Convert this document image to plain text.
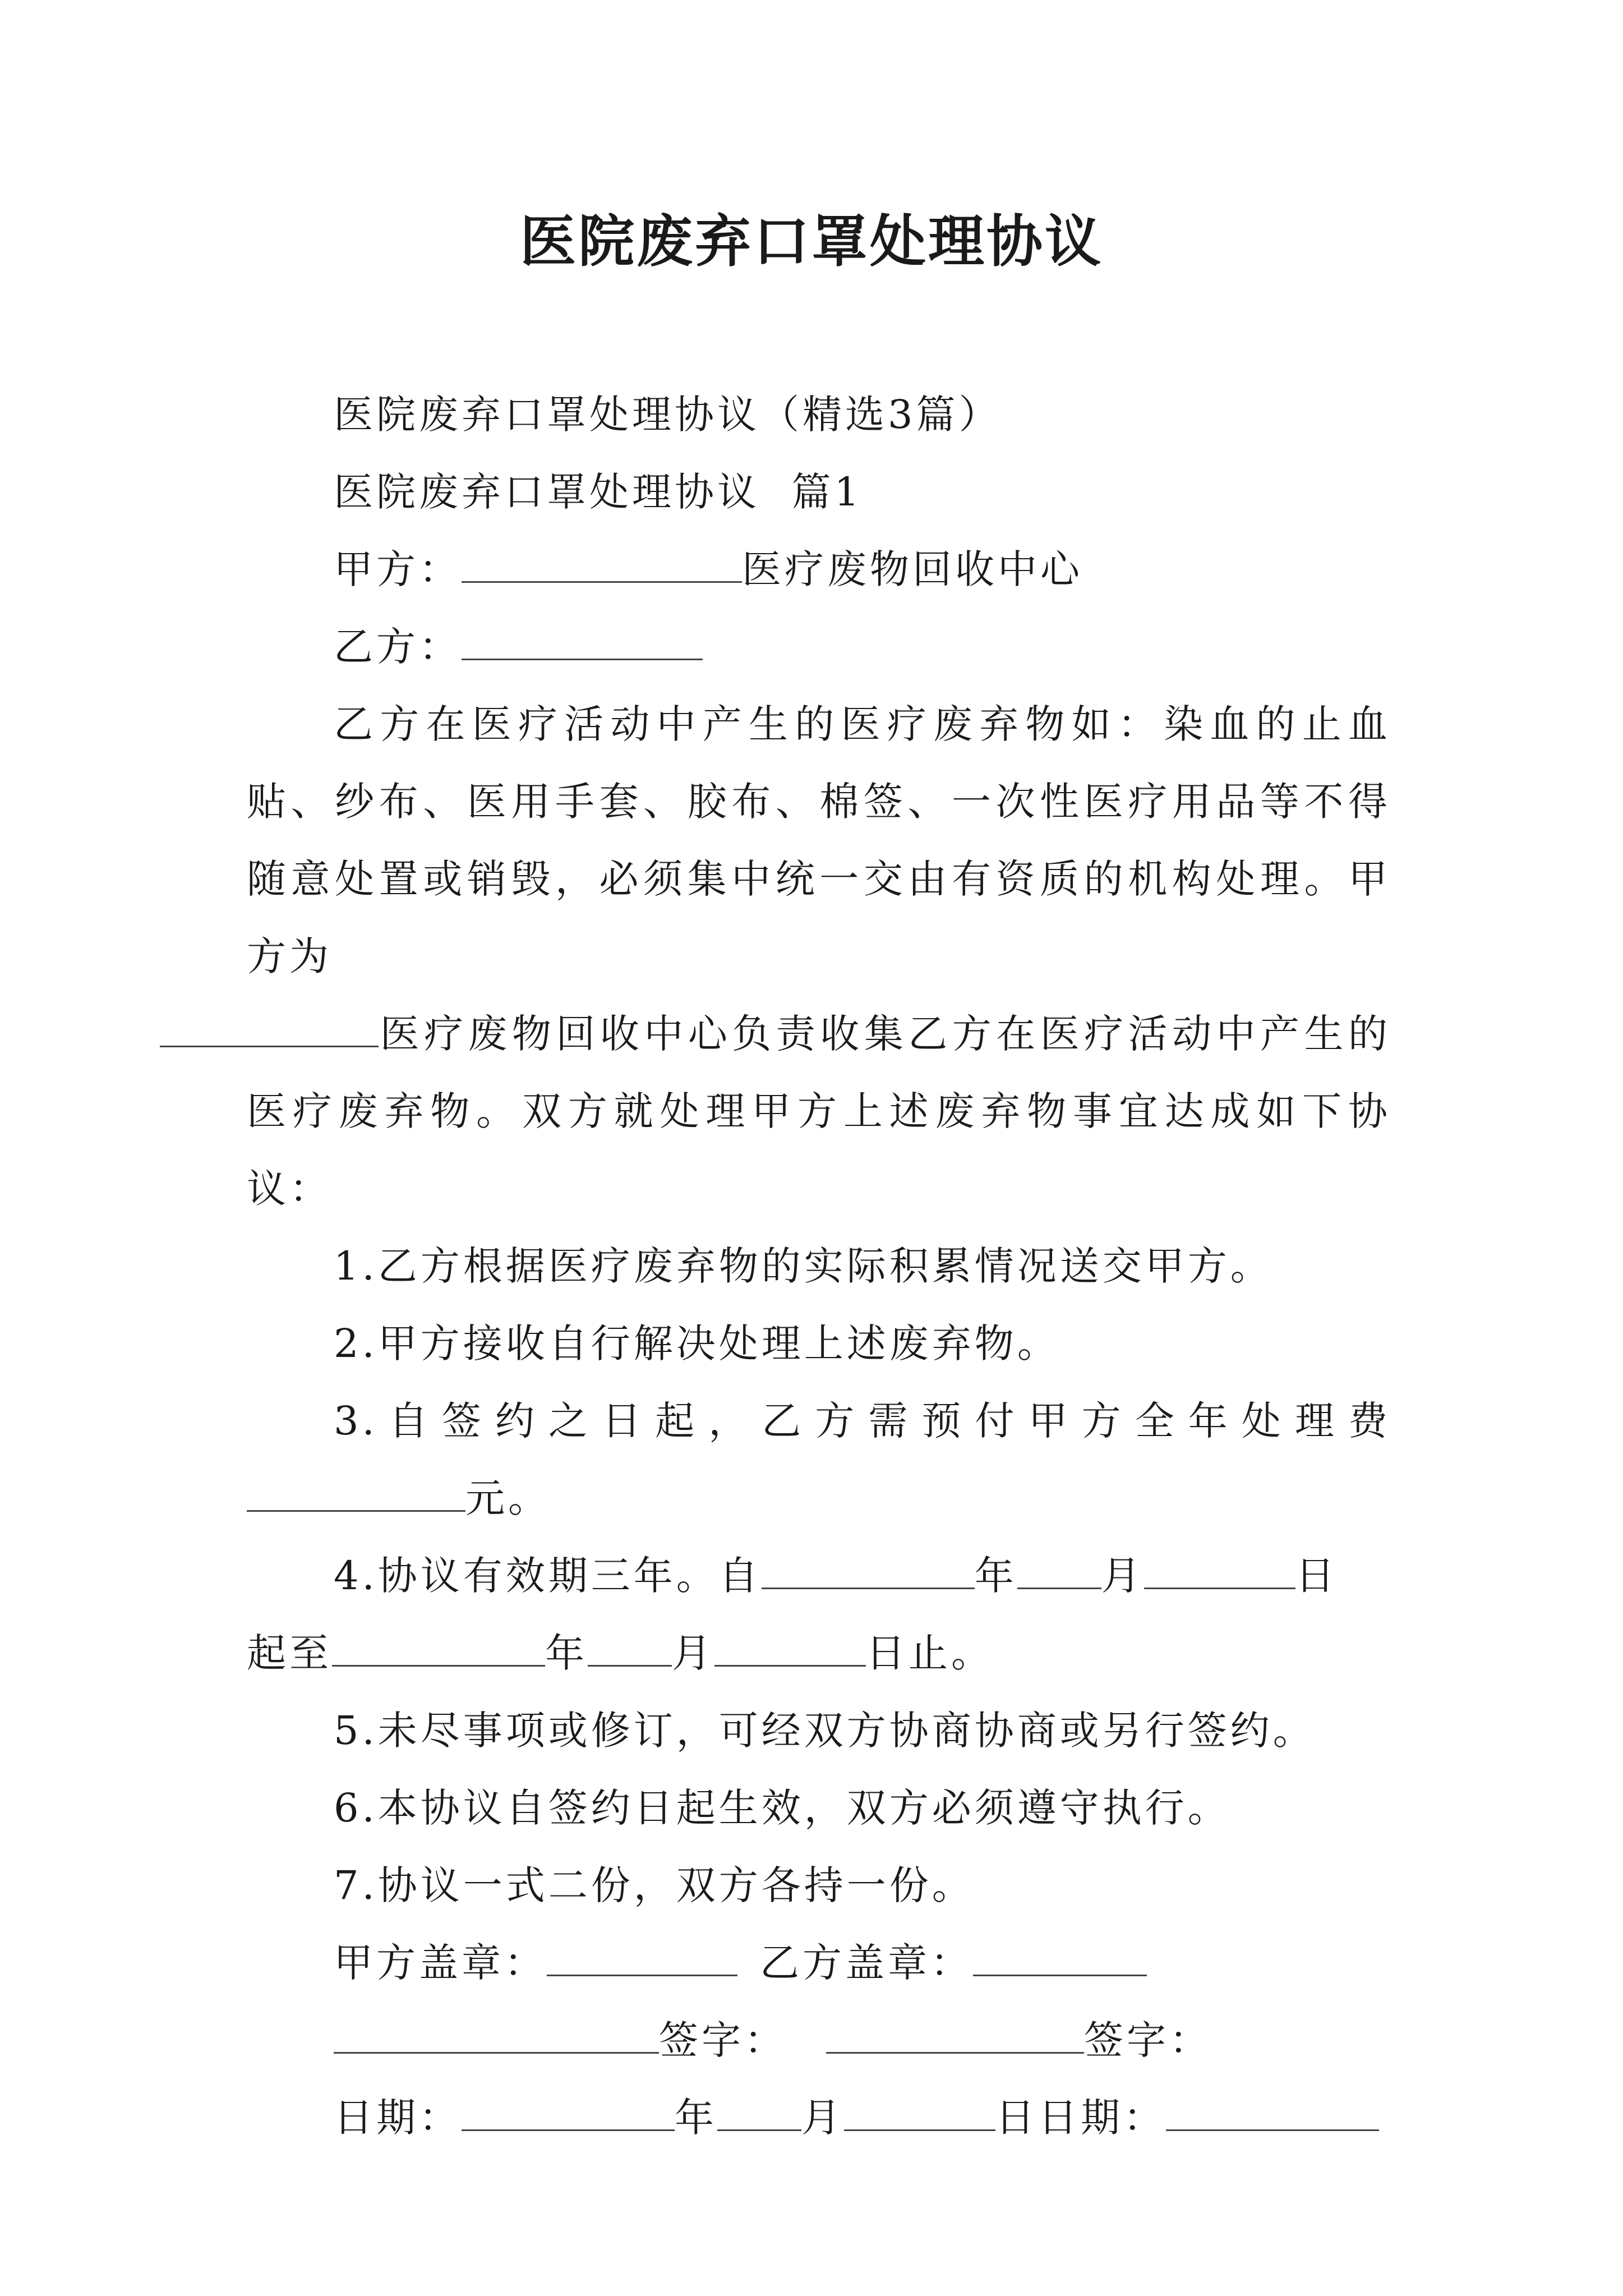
医院废弃口罩处理协议
医院废弃口罩处理协议（精选3篇）
医院废弃口罩处理协议  篇1
甲方：	医疗废物回收中心
乙方：
乙方在医疗活动中产生的医疗废弃物如：染血的止血贴、纱布、医用手套、胶布、棉签、一次性医疗用品等不得随意处置或销毁，必须集中统一交由有资质的机构处理。甲方为
医疗废物回收中心负责收集乙方在医疗活动中产生的医疗废弃物。双方就处理甲方上述废弃物事宜达成如下协议：
1.乙方根据医疗废弃物的实际积累情况送交甲方。
2.甲方接收自行解决处理上述废弃物。
3.自签约之日起，乙方需预付甲方全年处理费
元。
4.协议有效期三年。自	年 月	日
起至	年 月	日止。
5.未尽事项或修订，可经双方协商协商或另行签约。
6.本协议自签约日起生效，双方必须遵守执行。
7.协议一式二份，双方各持一份。
甲方盖章：	乙方盖章：
签字：	签字：
日期：	年 月	日日期：
